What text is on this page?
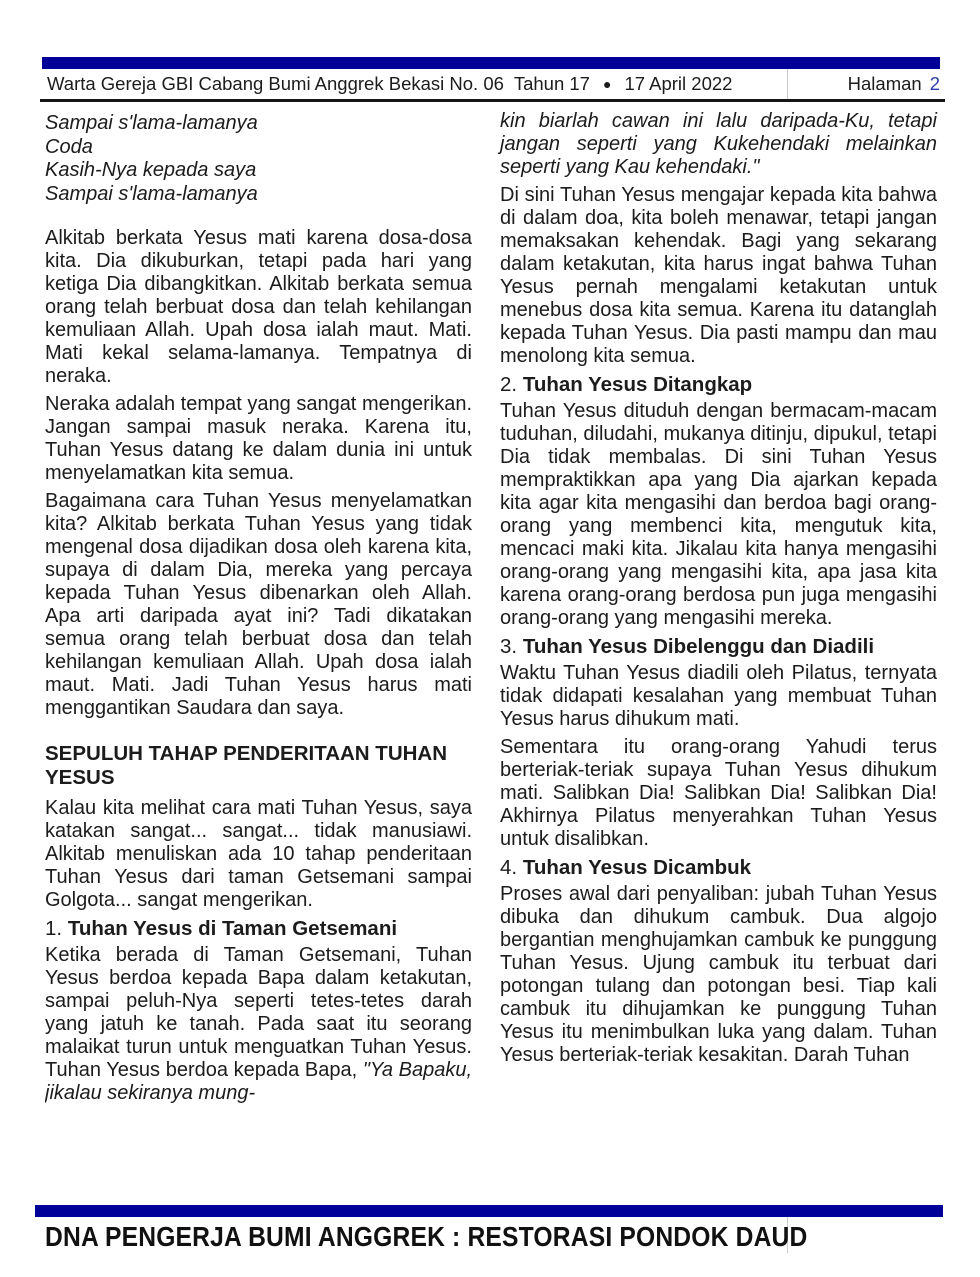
Warta Gereja GBI Cabang Bumi Anggrek Bekasi No. 06  Tahun 17 ● 17 April 2022	Halaman 2
Sampai s'lama-lamanya
Coda
Kasih-Nya kepada saya
Sampai s'lama-lamanya

Alkitab berkata Yesus mati karena dosa-dosa kita. Dia dikuburkan, tetapi pada hari yang ketiga Dia dibangkitkan. Alkitab berkata semua orang telah berbuat dosa dan telah kehilangan kemuliaan Allah. Upah dosa ialah maut. Mati. Mati kekal selama-lamanya. Tempatnya di neraka.

Neraka adalah tempat yang sangat mengerikan. Jangan sampai masuk neraka. Karena itu, Tuhan Yesus datang ke dalam dunia ini untuk menyelamatkan kita semua.

Bagaimana cara Tuhan Yesus menyelamatkan kita? Alkitab berkata Tuhan Yesus yang tidak mengenal dosa dijadikan dosa oleh karena kita, supaya di dalam Dia, mereka yang percaya kepada Tuhan Yesus dibenarkan oleh Allah. Apa arti daripada ayat ini? Tadi dikatakan semua orang telah berbuat dosa dan telah kehilangan kemuliaan Allah. Upah dosa ialah maut. Mati. Jadi Tuhan Yesus harus mati menggantikan Saudara dan saya.

SEPULUH TAHAP PENDERITAAN TUHAN YESUS

Kalau kita melihat cara mati Tuhan Yesus, saya katakan sangat... sangat... tidak manusiawi. Alkitab menuliskan ada 10 tahap penderitaan Tuhan Yesus dari taman Getsemani sampai Golgota... sangat mengerikan.

1. Tuhan Yesus di Taman Getsemani

Ketika berada di Taman Getsemani, Tuhan Yesus berdoa kepada Bapa dalam ketakutan, sampai peluh-Nya seperti tetes-tetes darah yang jatuh ke tanah. Pada saat itu seorang malaikat turun untuk menguatkan Tuhan Yesus. Tuhan Yesus berdoa kepada Bapa, "Ya Bapaku, jikalau sekiranya mung-

kin biarlah cawan ini lalu daripada-Ku, tetapi jangan seperti yang Kukehendaki melainkan seperti yang Kau kehendaki."

Di sini Tuhan Yesus mengajar kepada kita bahwa di dalam doa, kita boleh menawar, tetapi jangan memaksakan kehendak. Bagi yang sekarang dalam ketakutan, kita harus ingat bahwa Tuhan Yesus pernah mengalami ketakutan untuk menebus dosa kita semua. Karena itu datanglah kepada Tuhan Yesus. Dia pasti mampu dan mau menolong kita semua.

2. Tuhan Yesus Ditangkap

Tuhan Yesus dituduh dengan bermacam-macam tuduhan, diludahi, mukanya ditinju, dipukul, tetapi Dia tidak membalas. Di sini Tuhan Yesus mempraktikkan apa yang Dia ajarkan kepada kita agar kita mengasihi dan berdoa bagi orang-orang yang membenci kita, mengutuk kita, mencaci maki kita. Jikalau kita hanya mengasihi orang-orang yang mengasihi kita, apa jasa kita karena orang-orang berdosa pun juga mengasihi orang-orang yang mengasihi mereka.

3. Tuhan Yesus Dibelenggu dan Diadili

Waktu Tuhan Yesus diadili oleh Pilatus, ternyata tidak didapati kesalahan yang membuat Tuhan Yesus harus dihukum mati.

Sementara itu orang-orang Yahudi terus berteriak-teriak supaya Tuhan Yesus dihukum mati. Salibkan Dia! Salibkan Dia! Salibkan Dia! Akhirnya Pilatus menyerahkan Tuhan Yesus untuk disalibkan.

4. Tuhan Yesus Dicambuk

Proses awal dari penyaliban: jubah Tuhan Yesus dibuka dan dihukum cambuk. Dua algojo bergantian menghujamkan cambuk ke punggung Tuhan Yesus. Ujung cambuk itu terbuat dari potongan tulang dan potongan besi. Tiap kali cambuk itu dihujamkan ke punggung Tuhan Yesus itu menimbulkan luka yang dalam. Tuhan Yesus berteriak-teriak kesakitan. Darah Tuhan

DNA PENGERJA BUMI ANGGREK : RESTORASI PONDOK DAUD
